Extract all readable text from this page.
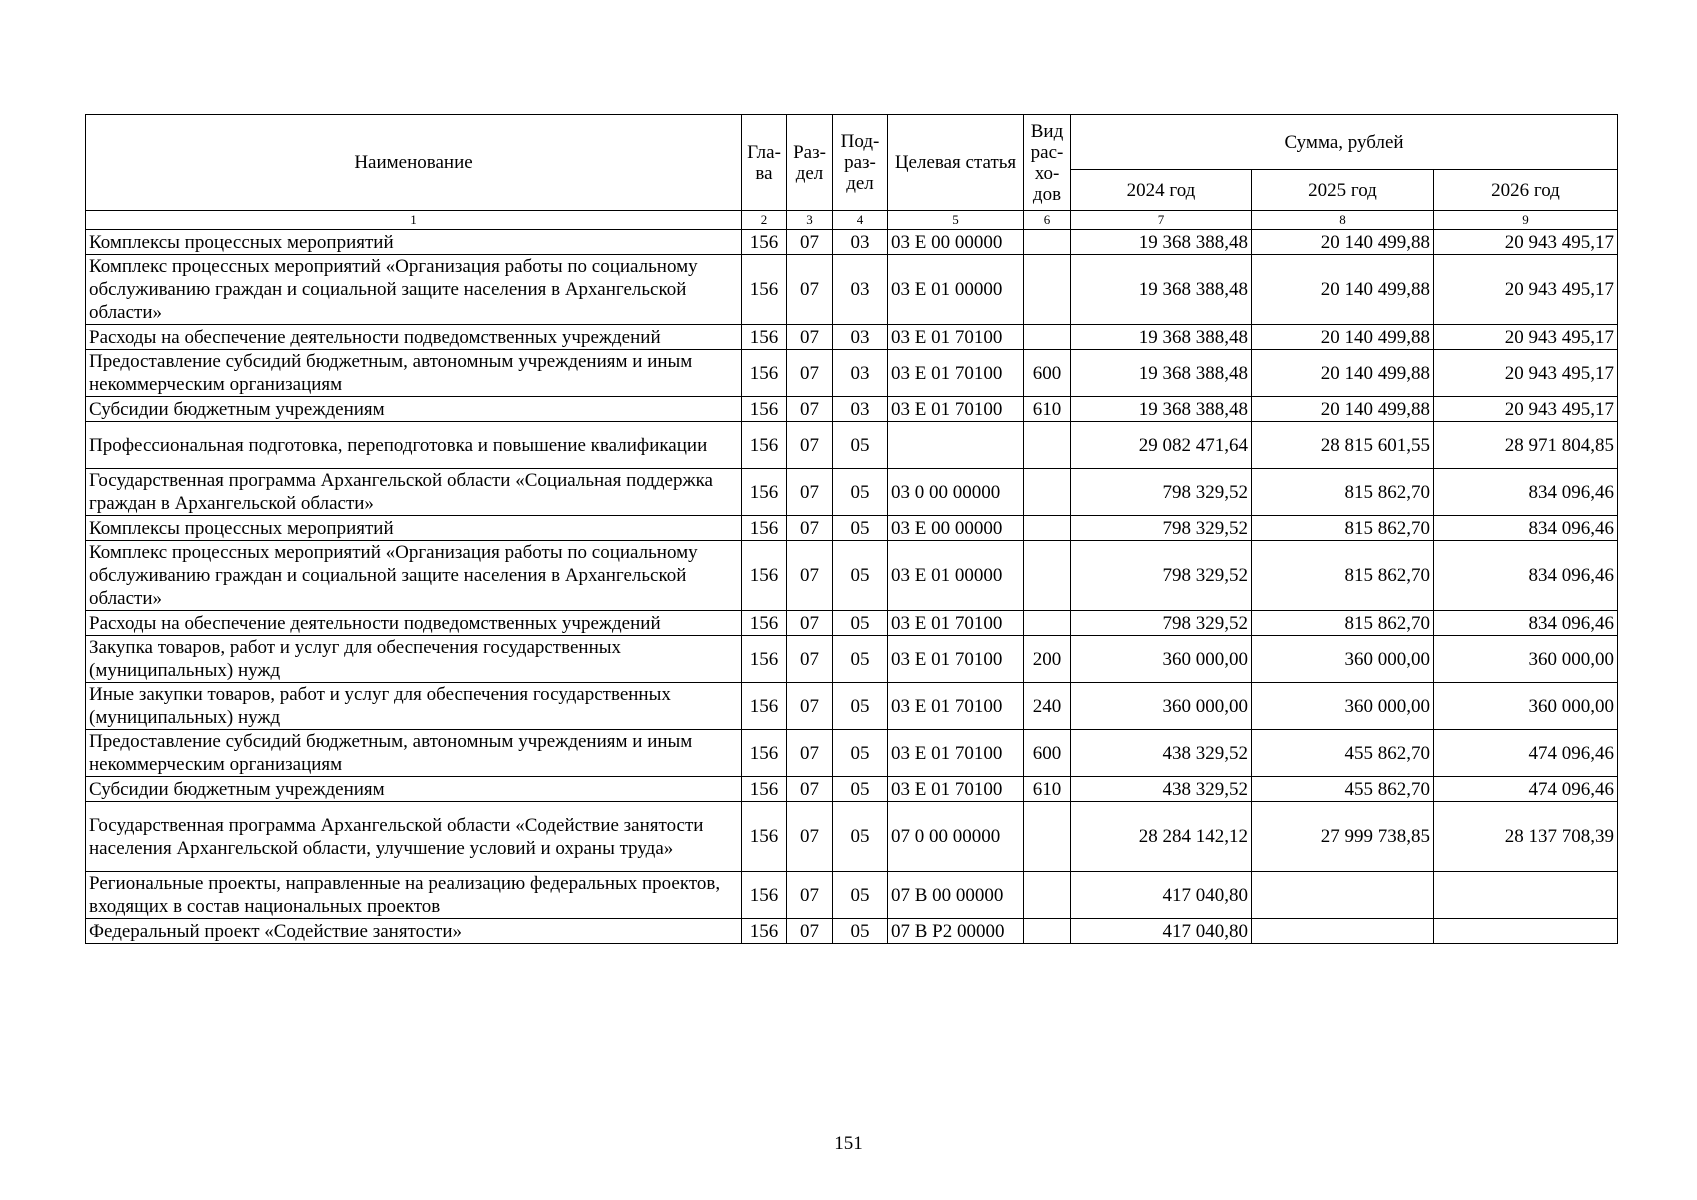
Наименование	Гла-ва	Раз-дел	Под-раз-дел	Целевая статья	Вид рас-хо-дов	Сумма, рублей		
						2024 год	2025 год	2026 год
1	2	3	4	5	6	7	8	9
Комплексы процессных мероприятий	156	07	03	03 Е 00 00000		19 368 388,48	20 140 499,88	20 943 495,17
Комплекс процессных мероприятий «Организация работы по социальному обслуживанию граждан и социальной защите населения в Архангельской области»	156	07	03	03 Е 01 00000		19 368 388,48	20 140 499,88	20 943 495,17
Расходы на обеспечение деятельности подведомственных учреждений	156	07	03	03 Е 01 70100		19 368 388,48	20 140 499,88	20 943 495,17
Предоставление субсидий бюджетным, автономным учреждениям и иным некоммерческим организациям	156	07	03	03 Е 01 70100	600	19 368 388,48	20 140 499,88	20 943 495,17
Субсидии бюджетным учреждениям	156	07	03	03 Е 01 70100	610	19 368 388,48	20 140 499,88	20 943 495,17
Профессиональная подготовка, переподготовка и повышение квалификации	156	07	05			29 082 471,64	28 815 601,55	28 971 804,85
Государственная программа Архангельской области «Социальная поддержка граждан в Архангельской области»	156	07	05	03 0 00 00000		798 329,52	815 862,70	834 096,46
Комплексы процессных мероприятий	156	07	05	03 Е 00 00000		798 329,52	815 862,70	834 096,46
Комплекс процессных мероприятий «Организация работы по социальному обслуживанию граждан и социальной защите населения в Архангельской области»	156	07	05	03 Е 01 00000		798 329,52	815 862,70	834 096,46
Расходы на обеспечение деятельности подведомственных учреждений	156	07	05	03 Е 01 70100		798 329,52	815 862,70	834 096,46
Закупка товаров, работ и услуг для обеспечения государственных (муниципальных) нужд	156	07	05	03 Е 01 70100	200	360 000,00	360 000,00	360 000,00
Иные закупки товаров, работ и услуг для обеспечения государственных (муниципальных) нужд	156	07	05	03 Е 01 70100	240	360 000,00	360 000,00	360 000,00
Предоставление субсидий бюджетным, автономным учреждениям и иным некоммерческим организациям	156	07	05	03 Е 01 70100	600	438 329,52	455 862,70	474 096,46
Субсидии бюджетным учреждениям	156	07	05	03 Е 01 70100	610	438 329,52	455 862,70	474 096,46
Государственная программа Архангельской области «Содействие занятости населения Архангельской области, улучшение условий и охраны труда»	156	07	05	07 0 00 00000		28 284 142,12	27 999 738,85	28 137 708,39
Региональные проекты, направленные на реализацию федеральных проектов, входящих в состав национальных проектов	156	07	05	07 В 00 00000		417 040,80		
Федеральный проект «Содействие занятости»	156	07	05	07 В Р2 00000		417 040,80		
151
